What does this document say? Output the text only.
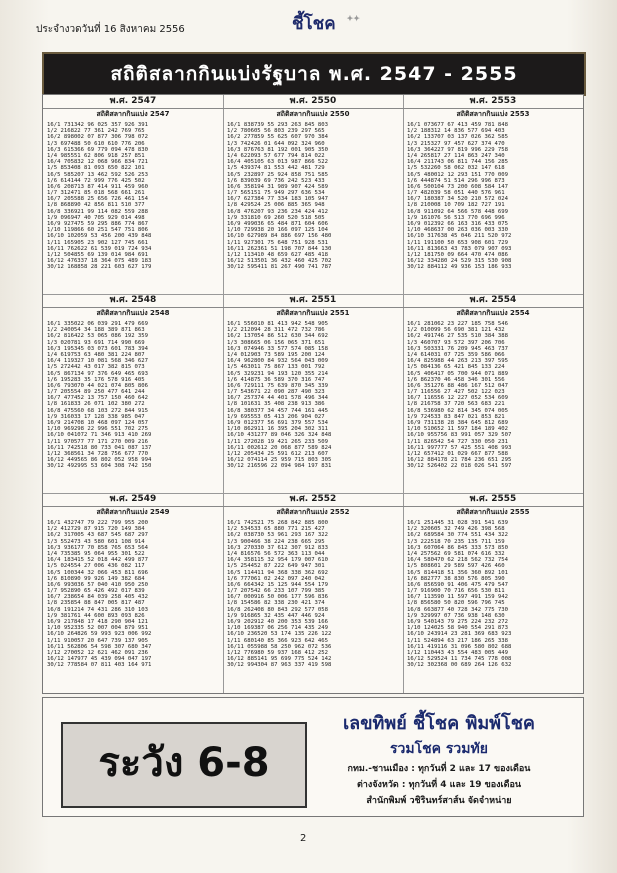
ประจำงวดวันที่ 16 สิงหาคม 2556	ชี้โชค ✦✦
สถิติสลากกินแบ่งรัฐบาล พ.ศ. 2547 - 2555
พ.ศ. 2547
สถิติสลากกินแบ่ง 2547
16/1 731342 96 025 357 926 391
1/2 216822 77 361 242 769 765
16/2 898002 07 877 306 798 072
1/3 697488 50 610 610 776 206
16/3 615366 69 779 094 478 830
1/4 985551 62 806 918 257 851
16/4 705832 12 068 966 834 721
1/5 853408 81 093 650 822 101
16/5 585207 13 462 592 526 253
1/6 614144 72 999 776 425 502
16/6 208713 87 414 911 459 960
1/7 312471 85 018 568 661 261
16/7 205588 25 656 726 461 154
1/8 868890 42 856 811 510 377
16/8 336921 99 114 082 559 288
1/9 096947 40 705 929 014 498
16/9 927475 59 295 886 774 867
1/10 119866 60 251 547 751 806
16/10 102059 53 456 200 439 848
1/11 165905 23 902 127 745 661
16/11 762622 61 539 019 724 934
1/12 504855 69 139 014 984 691
16/12 476337 18 364 075 489 183
30/12 168858 28 221 603 627 179
พ.ศ. 2548
สถิติสลากกินแบ่ง 2548
16/1 335022 06 039 291 479 669
1/2 240054 34 188 389 871 863
16/2 816422 53 065 086 192 359
1/3 020781 93 691 714 990 669
16/3 195345 03 073 601 783 394
1/4 619753 63 480 381 224 807
16/4 119327 10 081 568 346 627
1/5 272442 43 017 382 815 073
16/5 867134 97 376 649 465 693
1/6 195283 35 176 578 916 405
16/6 793070 44 021 074 805 806
1/7 205554 89 250 477 641 244
16/7 477452 13 757 150 460 642
1/8 161833 26 071 102 380 272
16/8 475560 68 103 272 844 915
1/9 316033 17 128 338 985 047
16/9 214708 10 468 097 124 057
1/10 969298 22 996 551 702 275
16/10 041072 71 346 913 410 269
1/11 970577 77 171 270 009 216
16/11 742518 80 733 041 087 137
1/12 368561 34 728 756 677 770
16/12 449565 86 802 052 958 994
30/12 492995 53 604 308 742 150
พ.ศ. 2549
สถิติสลากกินแบ่ง 2549
16/1 432747 79 222 799 955 200
1/2 412729 87 915 720 149 384
16/2 317005 43 687 545 687 297
1/3 552473 43 580 601 108 914
16/3 936177 70 858 765 653 564
1/4 735385 95 064 955 301 522
16/4 183415 52 018 442 499 877
1/5 024554 27 006 436 082 117
16/5 100344 32 066 453 811 696
1/6 810890 99 926 149 382 684
16/6 993036 57 040 410 950 250
1/7 952890 65 426 492 017 839
16/7 238654 84 039 258 405 432
1/8 235854 88 847 005 817 487
16/8 191214 74 431 286 310 103
1/9 381761 44 600 893 093 826
16/9 217848 17 418 290 904 121
1/10 952335 52 007 004 879 951
16/10 264826 59 993 923 006 992
1/11 910057 20 647 739 137 905
16/11 562806 54 598 307 680 347
1/12 270052 12 621 462 091 236
16/12 147977 45 439 094 047 197
30/12 778584 07 811 403 164 971
พ.ศ. 2550
สถิติสลากกินแบ่ง 2550
16/1 838739 55 293 263 845 803
1/2 780605 56 803 239 297 565
16/2 277859 55 625 607 970 384
1/3 742426 01 644 092 324 960
16/3 876763 81 192 001 905 350
1/4 622093 57 677 794 814 022
16/4 405105 63 013 987 866 522
1/5 439374 81 553 442 481 729
16/5 232897 25 924 858 751 585
1/6 839039 69 736 242 523 433
16/6 358194 31 989 907 424 589
1/7 565151 75 949 297 636 534
16/7 627384 77 334 183 105 947
1/8 429524 25 006 885 365 948
16/8 476207 93 236 234 424 412
1/9 331810 69 260 520 518 505
16/9 499036 65 484 871 604 606
1/10 729938 20 166 097 125 104
16/10 627989 84 886 697 156 480
1/11 927301 75 648 751 928 531
16/11 262361 51 198 707 844 130
1/12 113410 48 659 627 485 418
16/12 513501 36 432 460 425 702
30/12 595411 81 267 490 741 787
พ.ศ. 2551
สถิติสลากกินแบ่ง 2551
16/1 556010 81 413 942 548 905
1/2 212094 28 311 472 732 786
16/2 137054 86 512 630 344 692
1/3 308665 06 156 065 371 651
16/3 074946 33 577 574 085 158
1/4 012903 73 589 195 200 124
16/4 962800 84 932 564 043 009
1/5 463011 75 867 133 001 792
16/5 329231 94 193 120 355 214
1/6 414875 36 589 370 316 747
16/6 729111 75 639 870 345 339
1/7 543671 22 090 287 490 323
16/7 257374 44 401 578 496 344
1/8 101631 35 408 238 913 386
16/8 380377 34 457 744 161 445
1/9 695553 05 413 206 904 027
16/9 012377 56 691 379 557 534
1/10 862911 16 395 204 302 311
16/10 431277 89 046 326 324 848
1/11 272028 19 421 265 233 509
16/11 002612 20 068 877 589 824
1/12 205434 25 591 612 213 607
16/12 074114 25 959 715 803 305
30/12 216596 22 094 984 197 831
พ.ศ. 2552
สถิติสลากกินแบ่ง 2552
16/1 742521 75 268 842 885 800
1/2 534533 65 880 771 215 427
16/2 038730 53 961 293 167 322
1/3 900466 38 224 238 665 295
16/3 270330 37 612 307 912 833
1/4 816576 56 572 363 113 044
16/4 358115 32 954 179 007 610
1/5 254452 87 222 649 947 301
16/5 114411 94 368 338 362 692
1/6 777061 02 242 097 240 042
16/6 664342 15 125 944 554 179
1/7 207542 66 233 107 799 385
16/7 000916 50 006 177 596 836
1/8 154586 82 338 230 421 374
16/8 262408 80 843 292 577 058
1/9 916865 32 435 447 446 924
16/9 202912 40 200 353 539 166
1/10 169387 06 256 714 435 249
16/10 236520 53 174 135 226 122
1/11 680140 85 366 923 642 465
16/11 055988 58 250 962 072 536
1/12 776980 59 937 168 412 252
16/12 885141 95 699 775 524 142
30/12 994304 87 963 337 419 598
พ.ศ. 2553
สถิติสลากกินแบ่ง 2553
16/1 073677 67 413 459 781 848
1/2 188312 14 836 577 694 403
16/2 133707 03 137 026 362 585
1/3 215327 97 457 627 374 470
16/3 364227 97 819 996 229 758
1/4 265817 27 114 863 247 340
16/4 211743 06 811 744 156 285
1/5 532260 58 062 032 147 618
16/5 480012 12 293 151 770 009
1/6 444874 51 514 296 996 873
16/6 500104 73 200 608 584 147
1/7 482039 58 051 440 576 961
16/7 180387 34 520 210 572 024
1/8 210008 10 709 182 727 191
16/8 911092 64 566 578 448 699
1/9 161076 56 513 770 696 996
16/9 012392 66 163 316 433 075
1/10 468637 00 263 036 003 330
16/10 317638 45 046 211 520 972
1/11 191100 50 653 908 601 729
16/11 813663 43 783 079 907 093
1/12 181750 09 664 470 474 086
16/12 334280 24 529 315 530 908
30/12 884112 49 936 153 186 933
พ.ศ. 2554
สถิติสลากกินแบ่ง 2554
16/1 281062 23 227 185 758 546
1/2 010099 56 690 381 121 432
16/2 491746 27 535 510 384 388
1/3 460707 93 572 397 206 706
16/3 503331 76 209 945 463 737
1/4 614031 07 725 359 586 066
16/4 825988 44 263 213 397 595
1/5 084136 65 421 845 133 224
16/5 406417 05 700 944 071 889
1/6 862370 46 458 346 301 556
16/6 351276 88 486 167 512 047
1/7 116556 27 427 502 122 023
16/7 116556 12 227 052 534 609
1/8 216758 37 720 563 683 221
16/8 536980 62 814 345 074 005
1/9 724533 83 847 021 853 821
16/9 731138 28 384 645 812 689
1/10 510652 11 597 184 189 402
16/10 955756 83 991 057 329 507
1/11 826542 54 727 330 050 231
16/11 997777 57 425 551 408 993
1/12 657412 01 029 667 877 588
16/12 884178 21 784 236 651 295
30/12 526402 22 018 026 541 597
พ.ศ. 2555
สถิติสลากกินแบ่ง 2555
16/1 251445 31 028 391 541 639
1/2 320605 32 749 426 398 568
16/2 689584 30 774 551 434 322
1/3 222518 70 235 135 711 159
16/3 607064 86 845 333 573 850
1/4 257562 69 581 074 616 332
16/4 580470 62 218 562 732 754
1/5 808601 29 589 597 426 460
16/5 814418 51 356 360 892 101
1/6 882777 38 830 576 805 390
16/6 856590 91 406 475 479 547
1/7 916900 70 716 656 530 811
16/7 113590 11 597 491 159 942
1/8 856580 50 820 596 796 745
16/8 663877 40 728 342 775 730
1/9 329997 07 736 938 148 630
16/9 540143 79 275 224 232 272
1/10 124025 58 940 554 291 873
16/10 243914 23 281 369 683 923
1/11 524894 63 217 186 265 338
16/11 419116 31 096 580 802 688
1/12 110443 43 554 483 005 449
16/12 529524 11 734 745 778 008
30/12 302368 00 689 264 126 632
ระวัง 6-8
เลขทิพย์ ชี้โชค พิมพ์โชค
รวมโชค รวมทัย
กทม.-ชานเมือง : ทุกวันที่ 2 และ 17 ของเดือน
ต่างจังหวัด : ทุกวันที่ 4 และ 19 ของเดือน
สำนักพิมพ์ วชิรินทร์สาส์น จัดจำหน่าย
2
